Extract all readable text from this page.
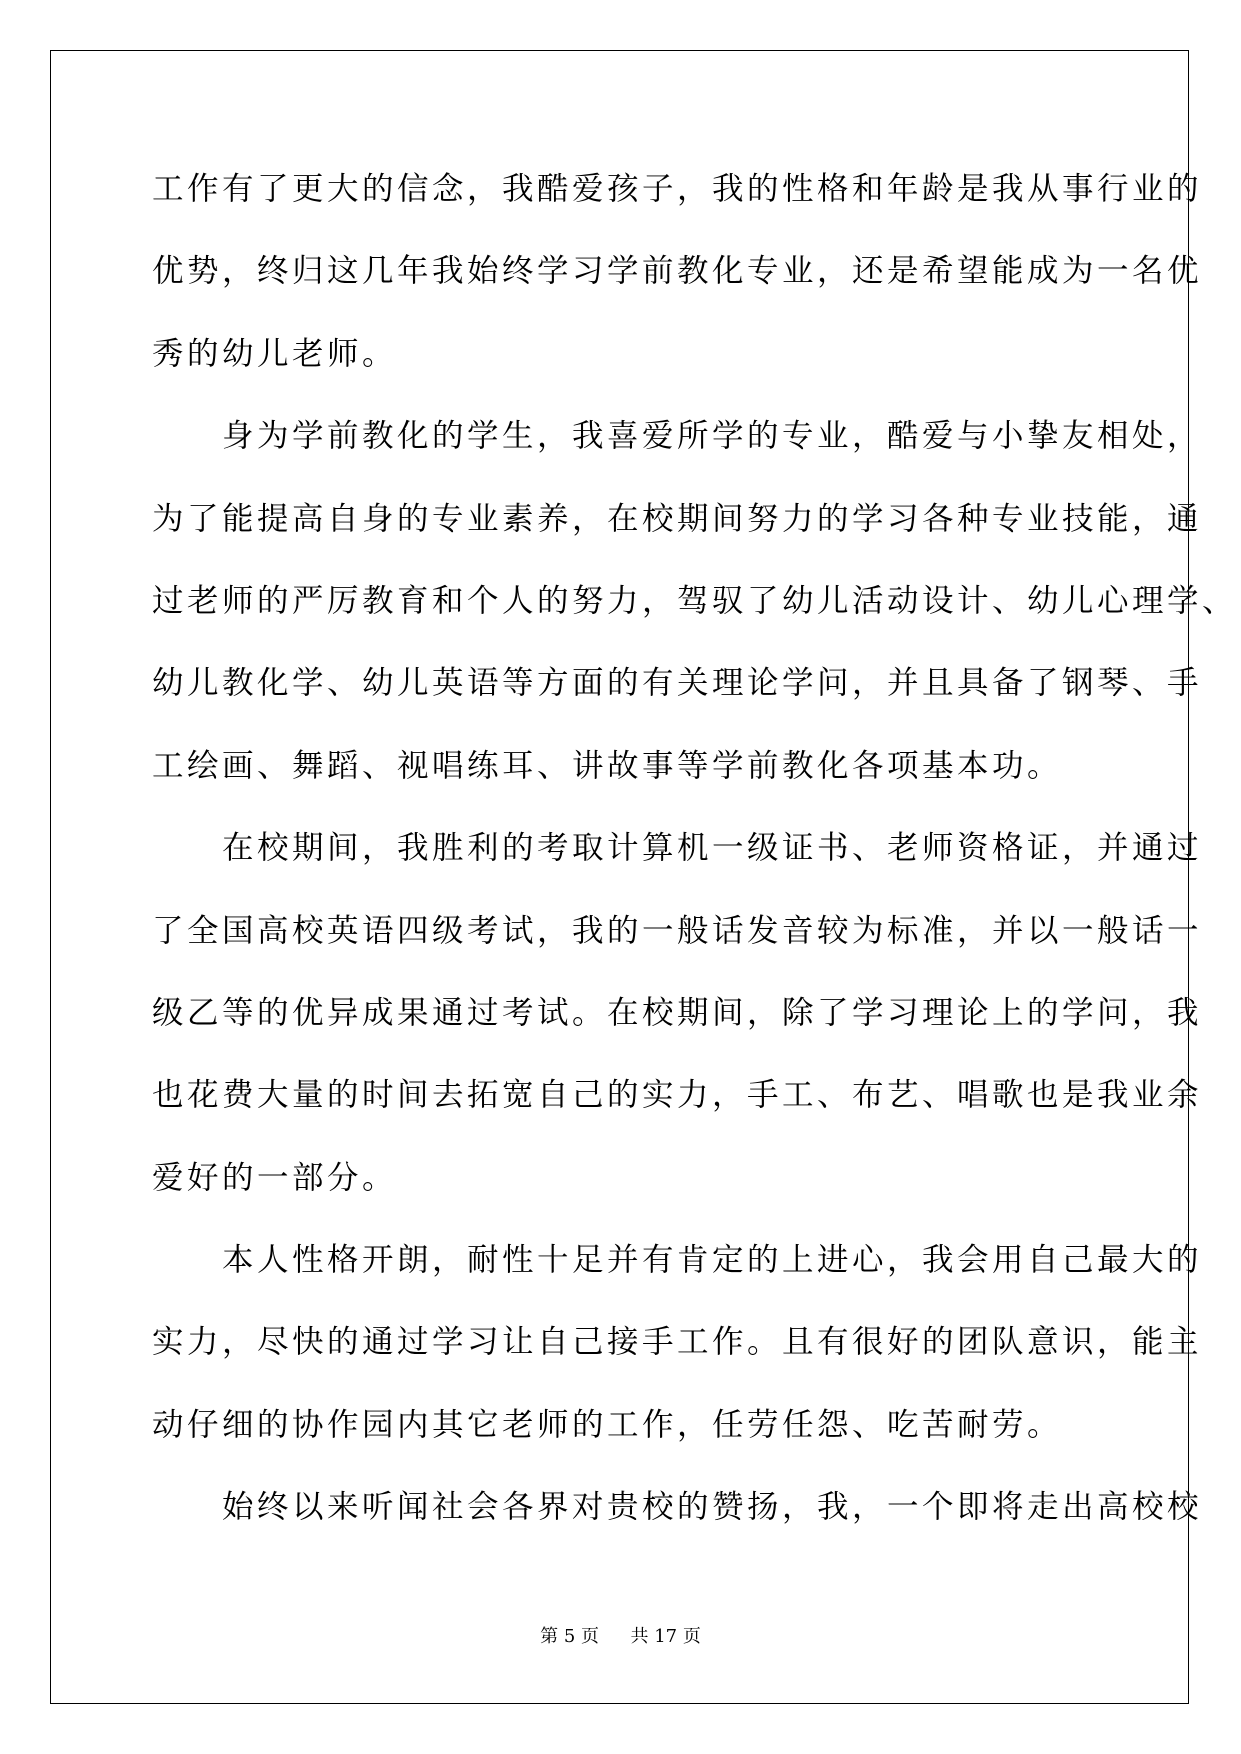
工作有了更大的信念，我酷爱孩子，我的性格和年龄是我从事行业的
优势，终归这几年我始终学习学前教化专业，还是希望能成为一名优
秀的幼儿老师。
　　身为学前教化的学生，我喜爱所学的专业，酷爱与小挚友相处，
为了能提高自身的专业素养，在校期间努力的学习各种专业技能，通
过老师的严厉教育和个人的努力，驾驭了幼儿活动设计、幼儿心理学、
幼儿教化学、幼儿英语等方面的有关理论学问，并且具备了钢琴、手
工绘画、舞蹈、视唱练耳、讲故事等学前教化各项基本功。
　　在校期间，我胜利的考取计算机一级证书、老师资格证，并通过
了全国高校英语四级考试，我的一般话发音较为标准，并以一般话一
级乙等的优异成果通过考试。在校期间，除了学习理论上的学问，我
也花费大量的时间去拓宽自己的实力，手工、布艺、唱歌也是我业余
爱好的一部分。
　　本人性格开朗，耐性十足并有肯定的上进心，我会用自己最大的
实力，尽快的通过学习让自己接手工作。且有很好的团队意识，能主
动仔细的协作园内其它老师的工作，任劳任怨、吃苦耐劳。
　　始终以来听闻社会各界对贵校的赞扬，我，一个即将走出高校校
第 5 页 共 17 页
